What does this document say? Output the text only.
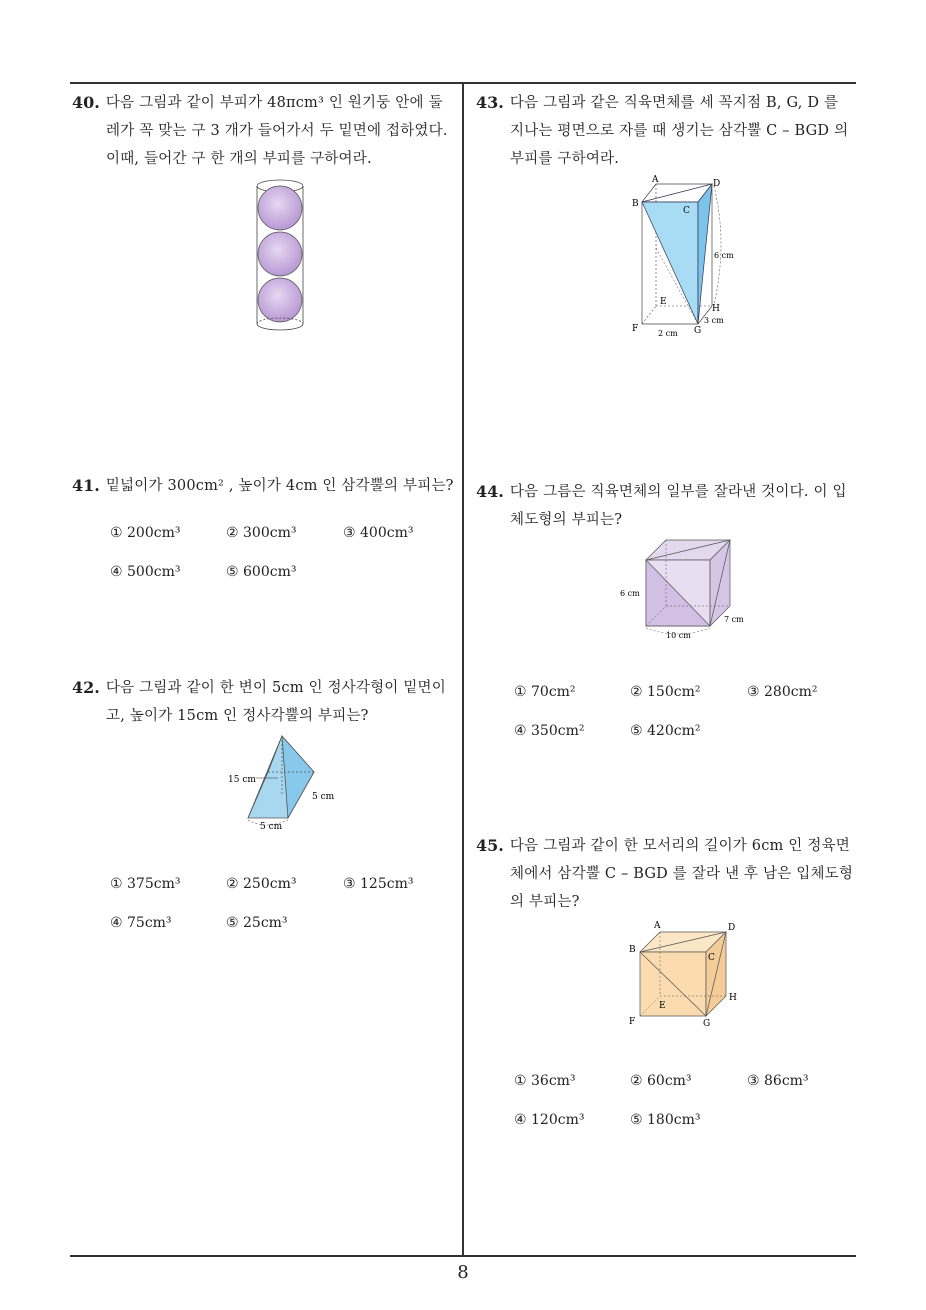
40. 다음 그림과 같이 부피가 48πcm³ 인 원기둥 안에 둘
레가 꼭 맞는 구 3 개가 들어가서 두 밑면에 접하였다.
이때, 들어간 구 한 개의 부피를 구하여라.
41. 밑넓이가 300cm² , 높이가 4cm 인 삼각뿔의 부피는?
① 200cm³	② 300cm³	③ 400cm³
④ 500cm³	⑤ 600cm³
42. 다음 그림과 같이 한 변이 5cm 인 정사각형이 밑면이
고, 높이가 15cm 인 정사각뿔의 부피는?
15 cm
5 cm
5 cm
① 375cm³	② 250cm³	③ 125cm³
④ 75cm³	⑤ 25cm³
43. 다음 그림과 같은 직육면체를 세 꼭지점 B, G, D 를
지나는 평면으로 자를 때 생기는 삼각뿔 C – BGD 의
부피를 구하여라.
A	D
B
C
E
H
F	G
6 cm
3 cm
2 cm
44. 다음 그름은 직육면체의 일부를 잘라낸 것이다. 이 입
체도형의 부피는?
6 cm
10 cm
7 cm
① 70cm²	② 150cm²	③ 280cm²
④ 350cm²	⑤ 420cm²
45. 다음 그림과 같이 한 모서리의 길이가 6cm 인 정육면
체에서 삼각뿔 C – BGD 를 잘라 낸 후 남은 입체도형
의 부피는?
A	D
B
C
E
H
F	G
① 36cm³	② 60cm³	③ 86cm³
④ 120cm³	⑤ 180cm³
8
